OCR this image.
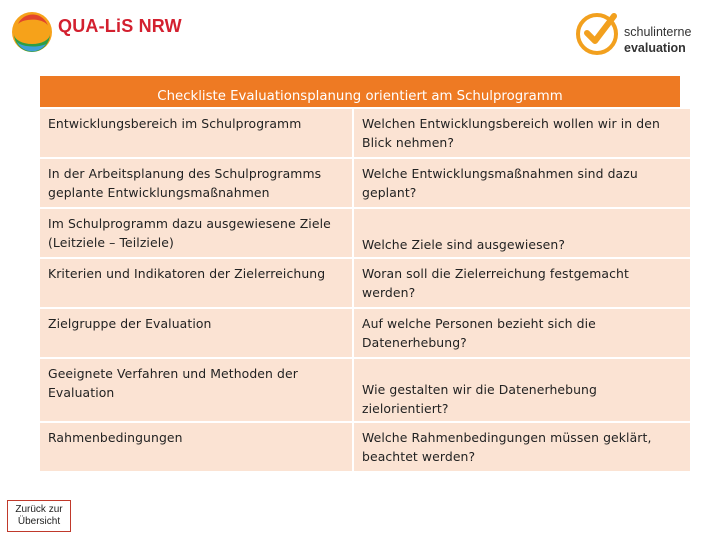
QUA-LiS NRW	schulinterne
evaluation
Checkliste Evaluationsplanung orientiert am Schulprogramm
Entwicklungsbereich im Schulprogramm	Welchen Entwicklungsbereich wollen wir in den Blick nehmen?
In der Arbeitsplanung des Schulprogramms geplante Entwicklungsmaßnahmen	Welche Entwicklungsmaßnahmen sind dazu geplant?
Im Schulprogramm dazu ausgewiesene Ziele (Leitziele – Teilziele)	Welche Ziele sind ausgewiesen?
Kriterien und Indikatoren der Zielerreichung	Woran soll die Zielerreichung festgemacht werden?
Zielgruppe der Evaluation	Auf welche Personen bezieht sich die Datenerhebung?
Geeignete Verfahren und Methoden der Evaluation	Wie gestalten wir die Datenerhebung zielorientiert?
Rahmenbedingungen	Welche Rahmenbedingungen müssen geklärt, beachtet werden?
Zurück zur Übersicht
